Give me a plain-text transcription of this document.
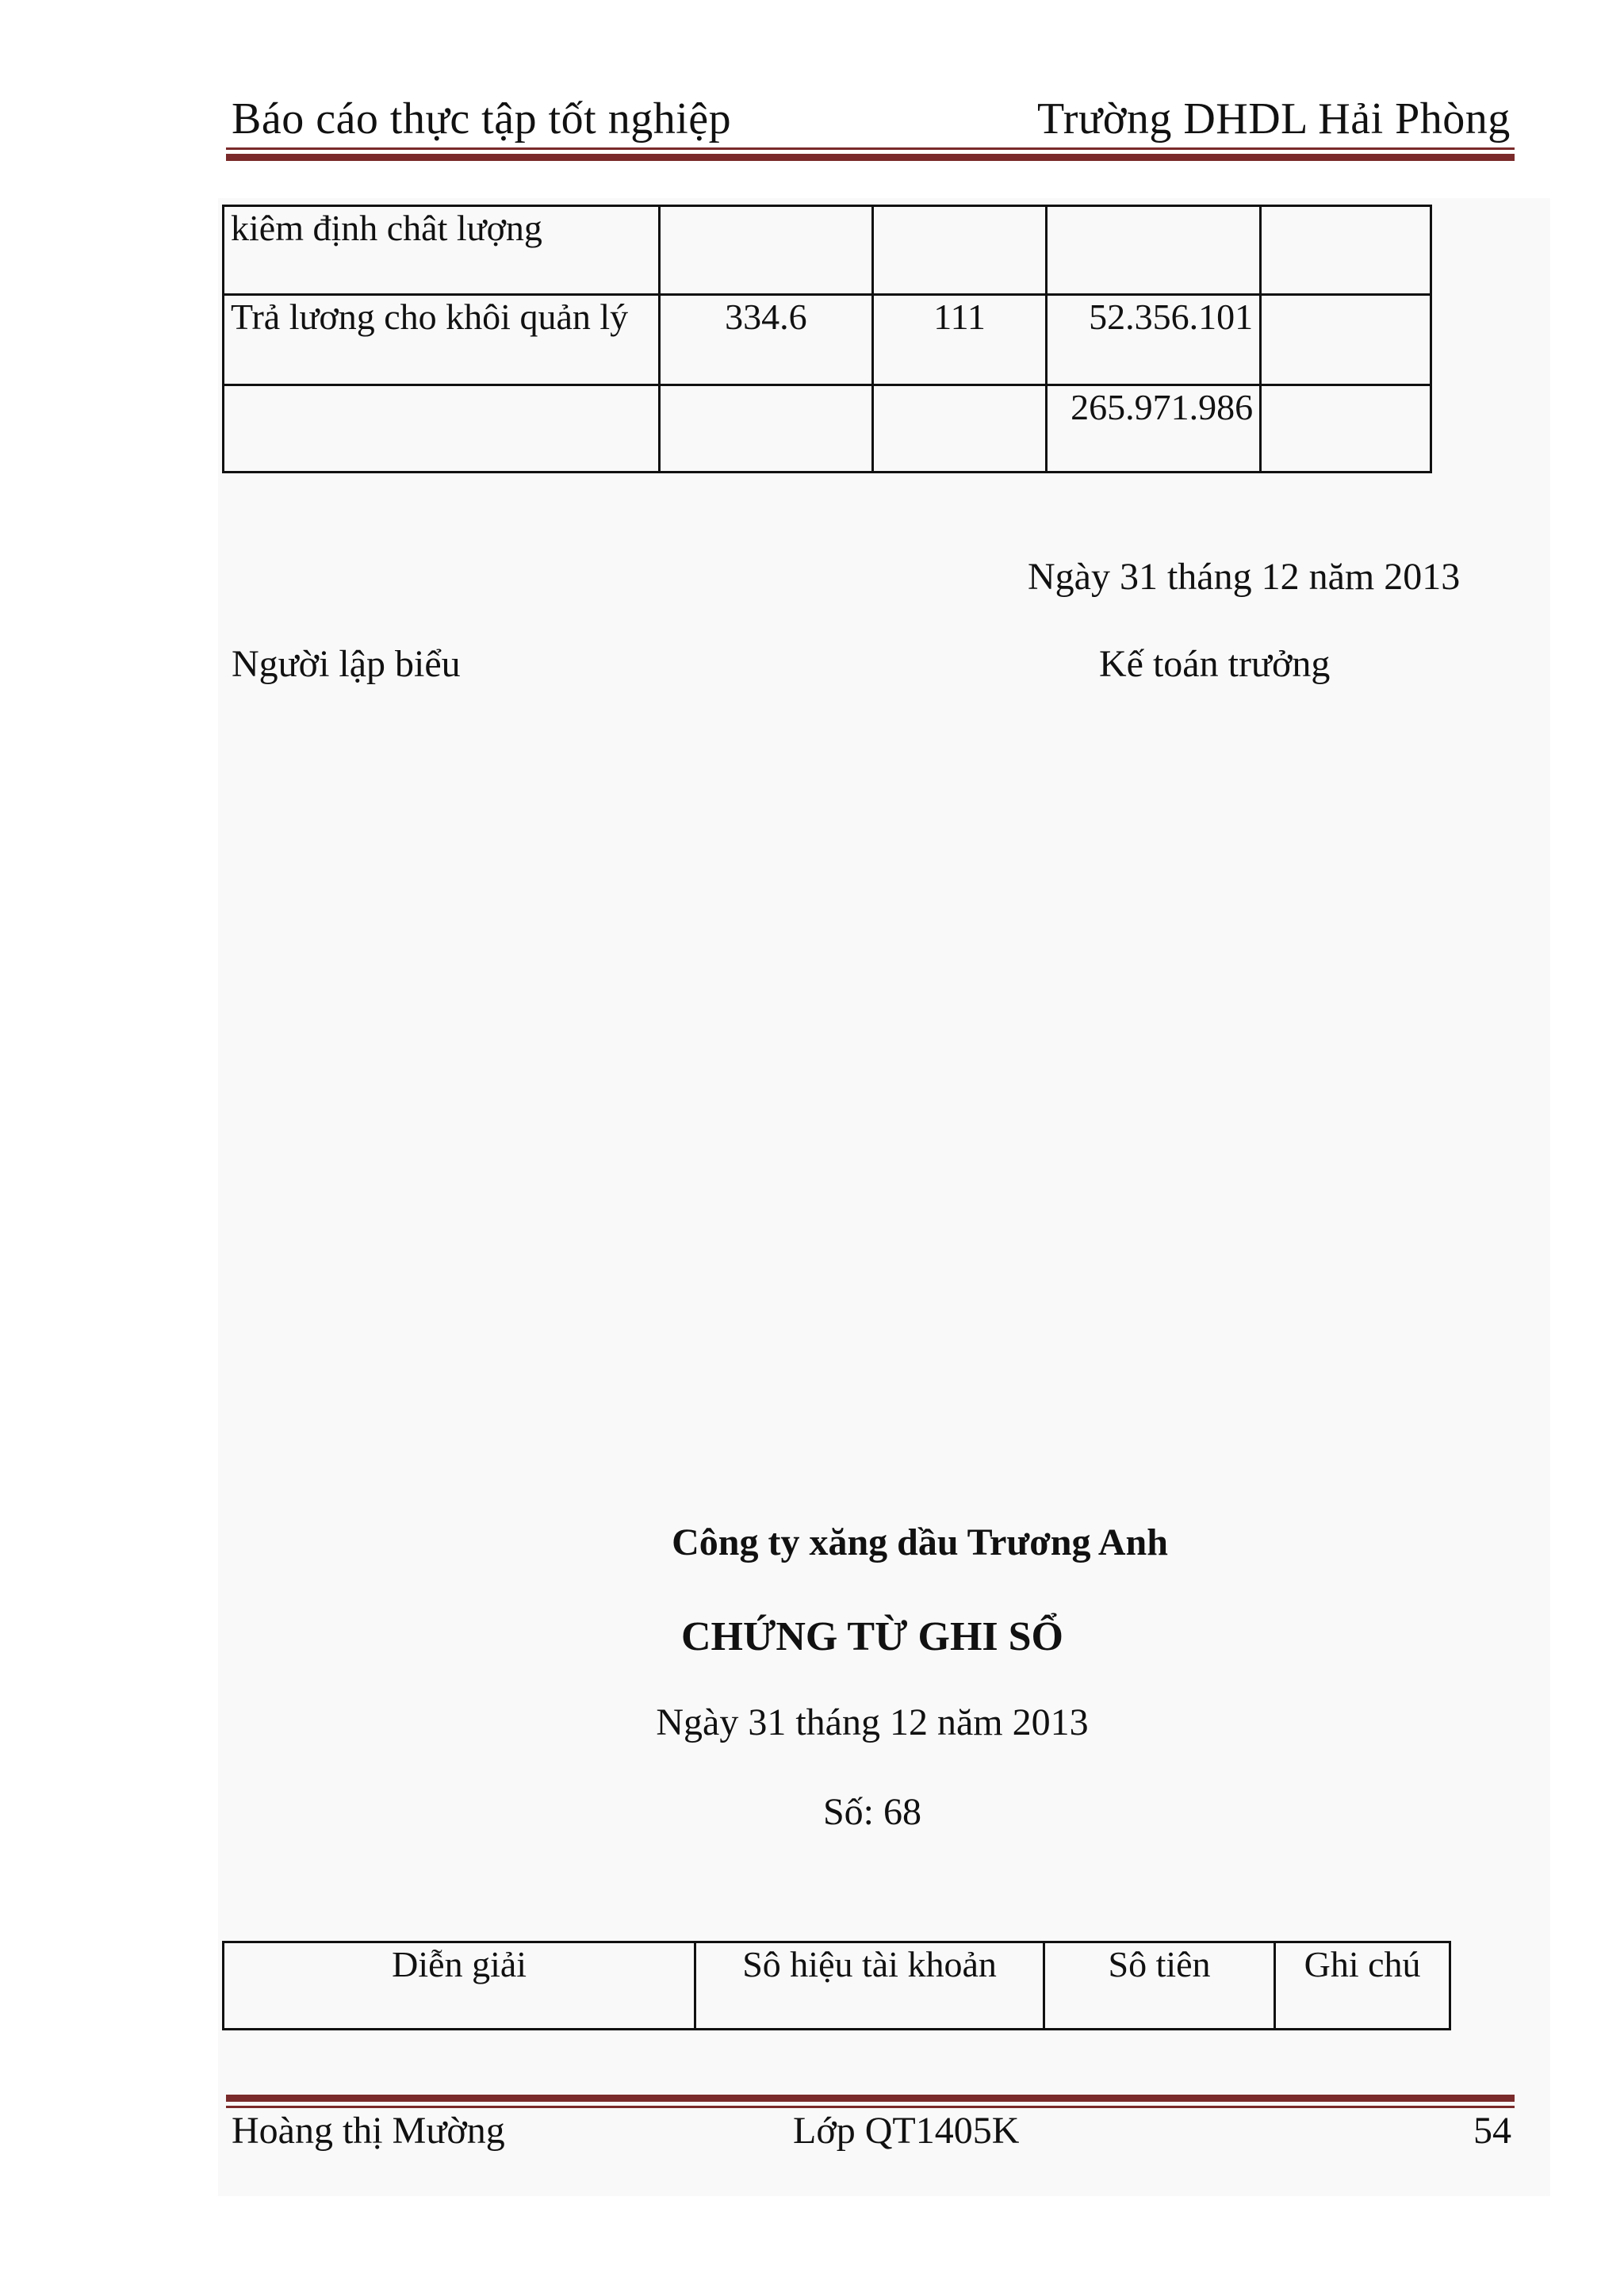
Báo cáo thực tập tốt nghiệp	Trường DHDL Hải Phòng
kiêm định chât lượng				
Trả lương cho khôi quản lý	334.6	111	52.356.101	
			265.971.986	
Ngày 31 tháng 12 năm 2013
Người lập biểu	Kế toán trưởng
Công ty xăng dầu Trương Anh
CHỨNG TỪ GHI SỔ
Ngày 31 tháng 12 năm 2013
Số: 68
Diễn giải	Sô hiệu tài khoản	Sô tiên	Ghi chú
Hoàng thị Mường	Lớp QT1405K	54
